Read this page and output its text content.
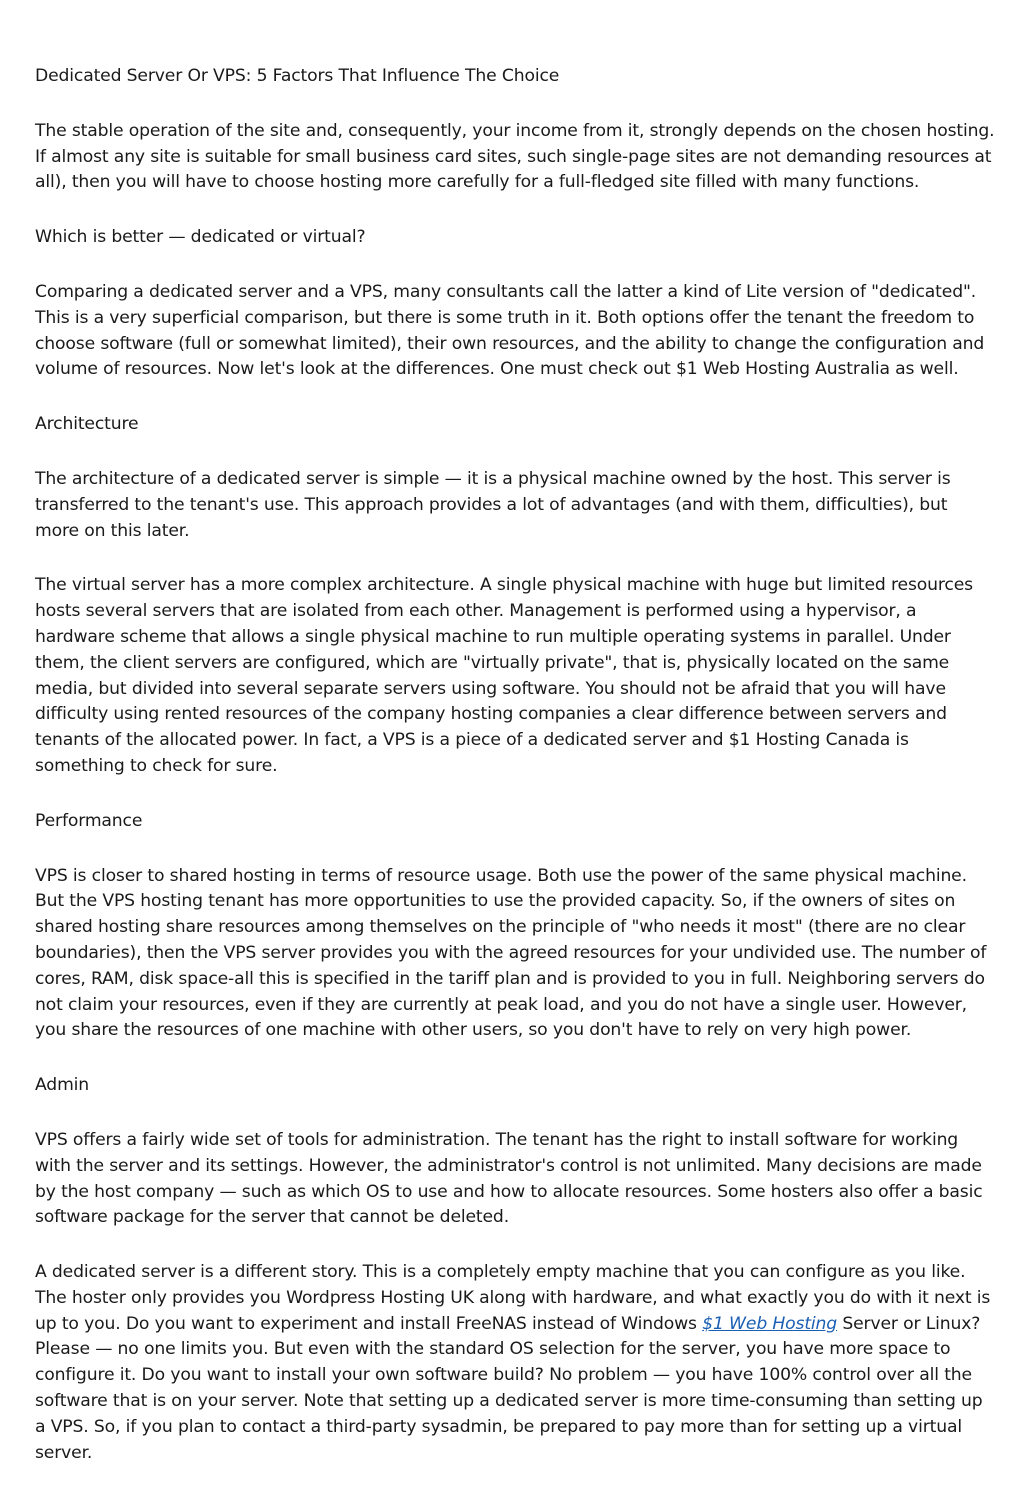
Dedicated Server Or VPS: 5 Factors That Influence The Choice

The stable operation of the site and, consequently, your income from it, strongly depends on the chosen hosting. If almost any site is suitable for small business card sites, such single-page sites are not demanding resources at all), then you will have to choose hosting more carefully for a full-fledged site filled with many functions.

Which is better — dedicated or virtual?

Comparing a dedicated server and a VPS, many consultants call the latter a kind of Lite version of "dedicated". This is a very superficial comparison, but there is some truth in it. Both options offer the tenant the freedom to choose software (full or somewhat limited), their own resources, and the ability to change the configuration and volume of resources. Now let's look at the differences. One must check out $1 Web Hosting Australia as well.

Architecture

The architecture of a dedicated server is simple — it is a physical machine owned by the host. This server is transferred to the tenant's use. This approach provides a lot of advantages (and with them, difficulties), but more on this later.

The virtual server has a more complex architecture. A single physical machine with huge but limited resources hosts several servers that are isolated from each other. Management is performed using a hypervisor, a hardware scheme that allows a single physical machine to run multiple operating systems in parallel. Under them, the client servers are configured, which are "virtually private", that is, physically located on the same media, but divided into several separate servers using software. You should not be afraid that you will have difficulty using rented resources of the company hosting companies a clear difference between servers and tenants of the allocated power. In fact, a VPS is a piece of a dedicated server and $1 Hosting Canada is something to check for sure.

Performance

VPS is closer to shared hosting in terms of resource usage. Both use the power of the same physical machine. But the VPS hosting tenant has more opportunities to use the provided capacity. So, if the owners of sites on shared hosting share resources among themselves on the principle of "who needs it most" (there are no clear boundaries), then the VPS server provides you with the agreed resources for your undivided use. The number of cores, RAM, disk space-all this is specified in the tariff plan and is provided to you in full. Neighboring servers do not claim your resources, even if they are currently at peak load, and you do not have a single user. However, you share the resources of one machine with other users, so you don't have to rely on very high power.

Admin

VPS offers a fairly wide set of tools for administration. The tenant has the right to install software for working with the server and its settings. However, the administrator's control is not unlimited. Many decisions are made by the host company — such as which OS to use and how to allocate resources. Some hosters also offer a basic software package for the server that cannot be deleted.

A dedicated server is a different story. This is a completely empty machine that you can configure as you like. The hoster only provides you Wordpress Hosting UK along with hardware, and what exactly you do with it next is up to you. Do you want to experiment and install FreeNAS instead of Windows $1 Web Hosting Server or Linux? Please — no one limits you. But even with the standard OS selection for the server, you have more space to configure it. Do you want to install your own software build? No problem — you have 100% control over all the software that is on your server. Note that setting up a dedicated server is more time-consuming than setting up a VPS. So, if you plan to contact a third-party sysadmin, be prepared to pay more than for setting up a virtual server.
